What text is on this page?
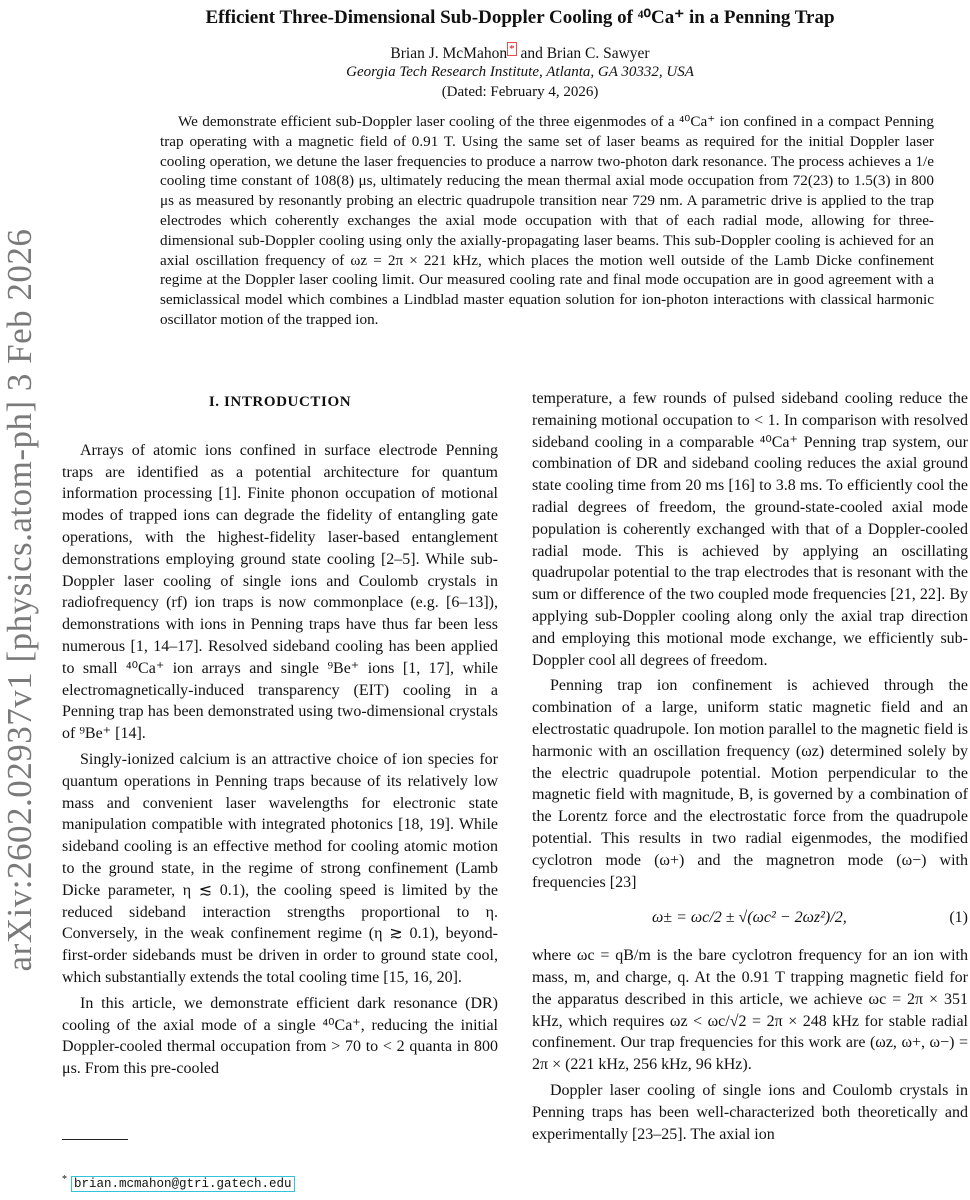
arXiv:2602.02937v1 [physics.atom-ph] 3 Feb 2026
Efficient Three-Dimensional Sub-Doppler Cooling of ⁴⁰Ca⁺ in a Penning Trap
Brian J. McMahon * and Brian C. Sawyer
Georgia Tech Research Institute, Atlanta, GA 30332, USA
(Dated: February 4, 2026)
We demonstrate efficient sub-Doppler laser cooling of the three eigenmodes of a ⁴⁰Ca⁺ ion confined in a compact Penning trap operating with a magnetic field of 0.91 T. Using the same set of laser beams as required for the initial Doppler laser cooling operation, we detune the laser frequencies to produce a narrow two-photon dark resonance. The process achieves a 1/e cooling time constant of 108(8) μs, ultimately reducing the mean thermal axial mode occupation from 72(23) to 1.5(3) in 800 μs as measured by resonantly probing an electric quadrupole transition near 729 nm. A parametric drive is applied to the trap electrodes which coherently exchanges the axial mode occupation with that of each radial mode, allowing for three-dimensional sub-Doppler cooling using only the axially-propagating laser beams. This sub-Doppler cooling is achieved for an axial oscillation frequency of ωz = 2π × 221 kHz, which places the motion well outside of the Lamb Dicke confinement regime at the Doppler laser cooling limit. Our measured cooling rate and final mode occupation are in good agreement with a semiclassical model which combines a Lindblad master equation solution for ion-photon interactions with classical harmonic oscillator motion of the trapped ion.
I. INTRODUCTION

Arrays of atomic ions confined in surface electrode Penning traps are identified as a potential architecture for quantum information processing [1]. Finite phonon occupation of motional modes of trapped ions can degrade the fidelity of entangling gate operations, with the highest-fidelity laser-based entanglement demonstrations employing ground state cooling [2–5]. While sub-Doppler laser cooling of single ions and Coulomb crystals in radiofrequency (rf) ion traps is now commonplace (e.g. [6–13]), demonstrations with ions in Penning traps have thus far been less numerous [1, 14–17]. Resolved sideband cooling has been applied to small ⁴⁰Ca⁺ ion arrays and single ⁹Be⁺ ions [1, 17], while electromagnetically-induced transparency (EIT) cooling in a Penning trap has been demonstrated using two-dimensional crystals of ⁹Be⁺ [14].

Singly-ionized calcium is an attractive choice of ion species for quantum operations in Penning traps because of its relatively low mass and convenient laser wavelengths for electronic state manipulation compatible with integrated photonics [18, 19]. While sideband cooling is an effective method for cooling atomic motion to the ground state, in the regime of strong confinement (Lamb Dicke parameter, η ≲ 0.1), the cooling speed is limited by the reduced sideband interaction strengths proportional to η. Conversely, in the weak confinement regime (η ≳ 0.1), beyond-first-order sidebands must be driven in order to ground state cool, which substantially extends the total cooling time [15, 16, 20].

In this article, we demonstrate efficient dark resonance (DR) cooling of the axial mode of a single ⁴⁰Ca⁺, reducing the initial Doppler-cooled thermal occupation from > 70 to < 2 quanta in 800 μs. From this pre-cooled

temperature, a few rounds of pulsed sideband cooling reduce the remaining motional occupation to < 1. In comparison with resolved sideband cooling in a comparable ⁴⁰Ca⁺ Penning trap system, our combination of DR and sideband cooling reduces the axial ground state cooling time from 20 ms [16] to 3.8 ms. To efficiently cool the radial degrees of freedom, the ground-state-cooled axial mode population is coherently exchanged with that of a Doppler-cooled radial mode. This is achieved by applying an oscillating quadrupolar potential to the trap electrodes that is resonant with the sum or difference of the two coupled mode frequencies [21, 22]. By applying sub-Doppler cooling along only the axial trap direction and employing this motional mode exchange, we efficiently sub-Doppler cool all degrees of freedom.

Penning trap ion confinement is achieved through the combination of a large, uniform static magnetic field and an electrostatic quadrupole. Ion motion parallel to the magnetic field is harmonic with an oscillation frequency (ωz) determined solely by the electric quadrupole potential. Motion perpendicular to the magnetic field with magnitude, B, is governed by a combination of the Lorentz force and the electrostatic force from the quadrupole potential. This results in two radial eigenmodes, the modified cyclotron mode (ω+) and the magnetron mode (ω−) with frequencies [23]

ω± = ωc/2 ± √(ωc² − 2ωz²)/2,	(1)

where ωc = qB/m is the bare cyclotron frequency for an ion with mass, m, and charge, q. At the 0.91 T trapping magnetic field for the apparatus described in this article, we achieve ωc = 2π × 351 kHz, which requires ωz < ωc/√2 = 2π × 248 kHz for stable radial confinement. Our trap frequencies for this work are (ωz, ω+, ω−) = 2π × (221 kHz, 256 kHz, 96 kHz).

Doppler laser cooling of single ions and Coulomb crystals in Penning traps has been well-characterized both theoretically and experimentally [23–25]. The axial ion

* brian.mcmahon@gtri.gatech.edu
